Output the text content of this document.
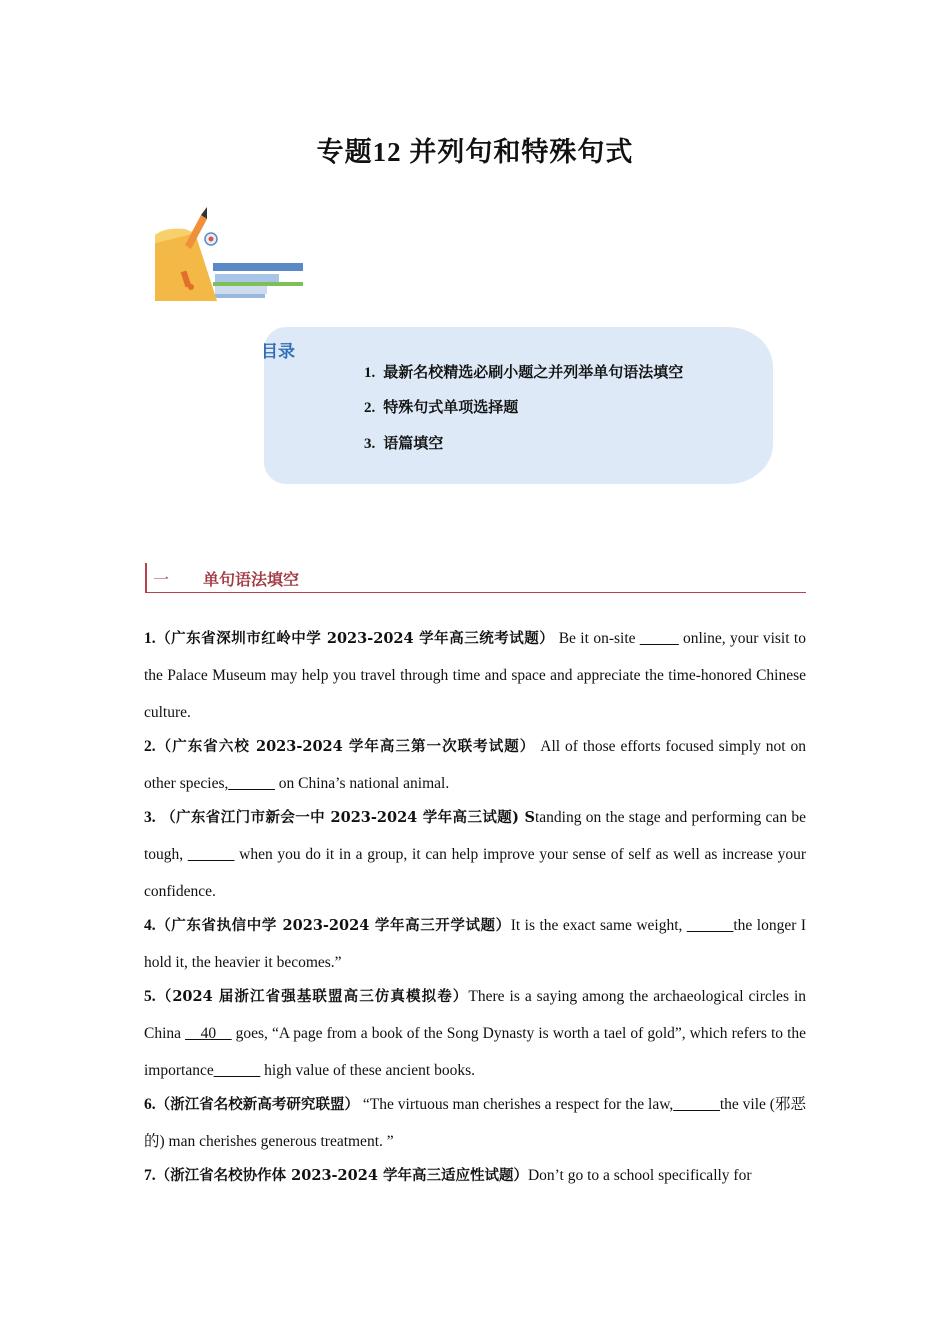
专题12 并列句和特殊句式
目录
1. 最新名校精选必刷小题之并列举单句语法填空
2. 特殊句式单项选择题
3. 语篇填空
一 单句语法填空

1.（广东省深圳市红岭中学 2023-2024 学年高三统考试题） Be it on-site _____ online, your visit to the Palace Museum may help you travel through time and space and appreciate the time-honored Chinese culture.

2.（广东省六校 2023-2024 学年高三第一次联考试题） All of those efforts focused simply not on other species,______ on China’s national animal.

3. （广东省江门市新会一中 2023-2024 学年高三试题) Standing on the stage and performing can be tough, ______ when you do it in a group, it can help improve your sense of self as well as increase your confidence.

4.（广东省执信中学 2023-2024 学年高三开学试题）It is the exact same weight, ______the longer I hold it, the heavier it becomes.”

5.（2024 届浙江省强基联盟高三仿真模拟卷）There is a saying among the archaeological circles in China __40__ goes, “A page from a book of the Song Dynasty is worth a tael of gold”, which refers to the importance______ high value of these ancient books.

6.（浙江省名校新高考研究联盟） “The virtuous man cherishes a respect for the law,______the vile (邪恶的) man cherishes generous treatment. ”

7.（浙江省名校协作体 2023-2024 学年高三适应性试题）Don’t go to a school specifically for
